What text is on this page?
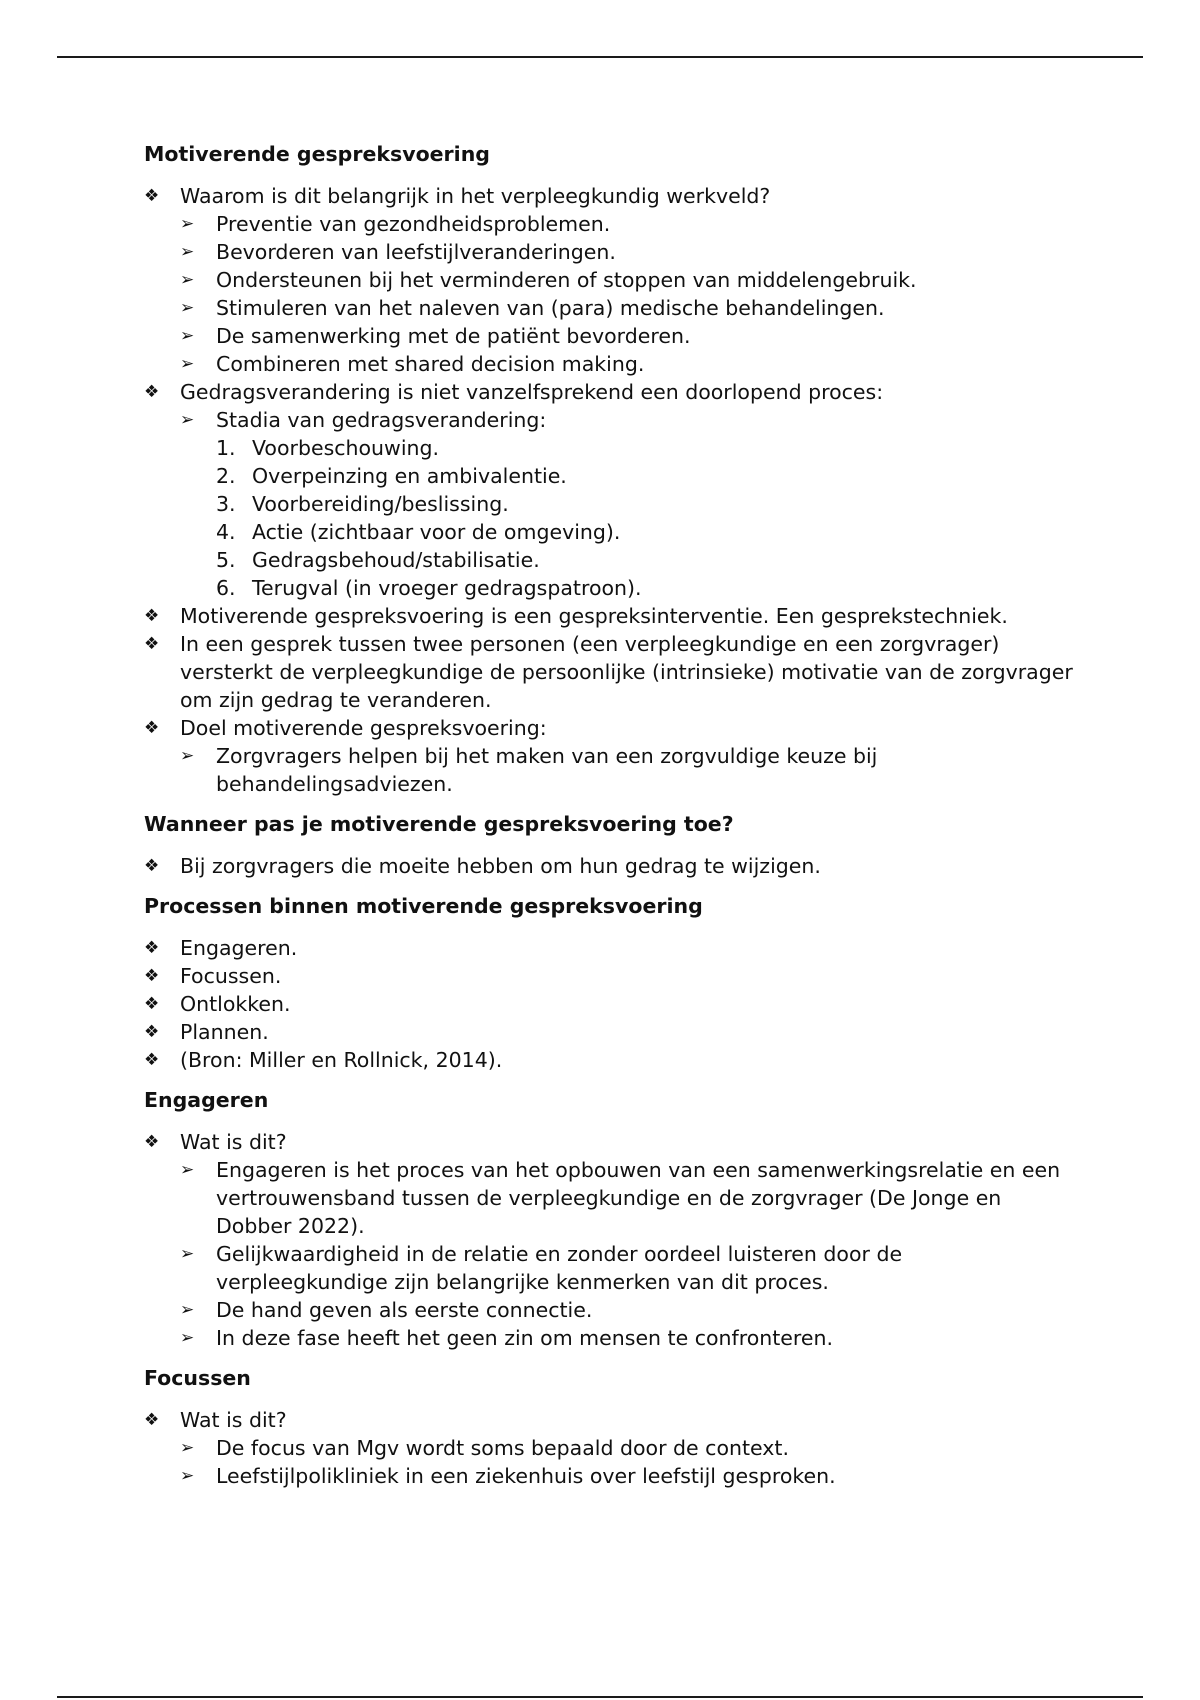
Motiverende gespreksvoering
❖	Waarom is dit belangrijk in het verpleegkundig werkveld?
➢	Preventie van gezondheidsproblemen.
➢	Bevorderen van leefstijlveranderingen.
➢	Ondersteunen bij het verminderen of stoppen van middelengebruik.
➢	Stimuleren van het naleven van (para) medische behandelingen.
➢	De samenwerking met de patiënt bevorderen.
➢	Combineren met shared decision making.
❖	Gedragsverandering is niet vanzelfsprekend een doorlopend proces:
➢	Stadia van gedragsverandering:
1. Voorbeschouwing.
2. Overpeinzing en ambivalentie.
3. Voorbereiding/beslissing.
4. Actie (zichtbaar voor de omgeving).
5. Gedragsbehoud/stabilisatie.
6. Terugval (in vroeger gedragspatroon).
❖	Motiverende gespreksvoering is een gespreksinterventie. Een gesprekstechniek.
❖	In een gesprek tussen twee personen (een verpleegkundige en een zorgvrager) versterkt de verpleegkundige de persoonlijke (intrinsieke) motivatie van de zorgvrager om zijn gedrag te veranderen.
❖	Doel motiverende gespreksvoering:
➢	Zorgvragers helpen bij het maken van een zorgvuldige keuze bij behandelingsadviezen.
Wanneer pas je motiverende gespreksvoering toe?
❖	Bij zorgvragers die moeite hebben om hun gedrag te wijzigen.
Processen binnen motiverende gespreksvoering
❖	Engageren.
❖	Focussen.
❖	Ontlokken.
❖	Plannen.
❖	(Bron: Miller en Rollnick, 2014).
Engageren
❖	Wat is dit?
➢	Engageren is het proces van het opbouwen van een samenwerkingsrelatie en een vertrouwensband tussen de verpleegkundige en de zorgvrager (De Jonge en Dobber 2022).
➢	Gelijkwaardigheid in de relatie en zonder oordeel luisteren door de verpleegkundige zijn belangrijke kenmerken van dit proces.
➢	De hand geven als eerste connectie.
➢	In deze fase heeft het geen zin om mensen te confronteren.
Focussen
❖	Wat is dit?
➢	De focus van Mgv wordt soms bepaald door de context.
➢	Leefstijlpolikliniek in een ziekenhuis over leefstijl gesproken.
